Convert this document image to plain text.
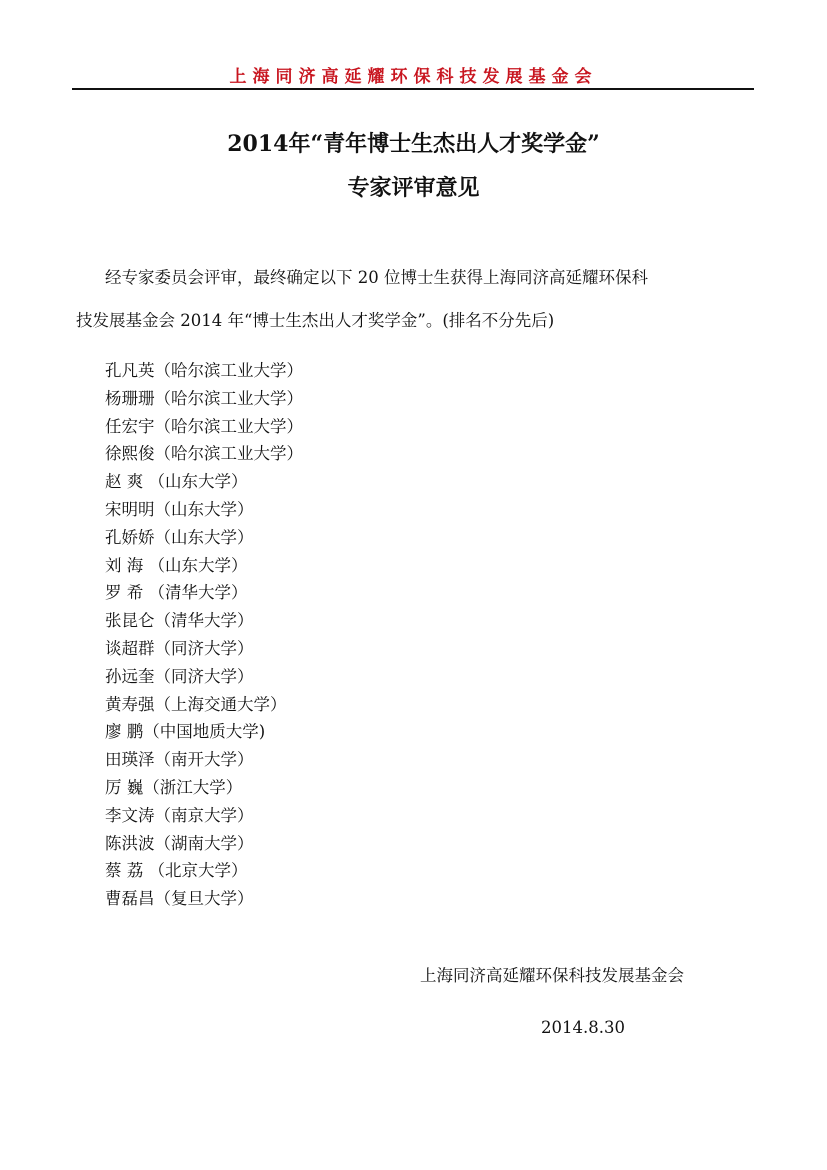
上海同济高延耀环保科技发展基金会
2014年“青年博士生杰出人才奖学金”
专家评审意见
经专家委员会评审，最终确定以下 20 位博士生获得上海同济高延耀环保科
技发展基金会 2014 年“博士生杰出人才奖学金”。(排名不分先后)
孔凡英（哈尔滨工业大学）
杨珊珊（哈尔滨工业大学）
任宏宇（哈尔滨工业大学）
徐熙俊（哈尔滨工业大学）
赵 爽 （山东大学）
宋明明（山东大学）
孔娇娇（山东大学）
刘 海 （山东大学）
罗 希 （清华大学）
张昆仑（清华大学）
谈超群（同济大学）
孙远奎（同济大学）
黄寿强（上海交通大学）
廖 鹏（中国地质大学)
田瑛泽（南开大学）
厉 巍（浙江大学）
李文涛（南京大学）
陈洪波（湖南大学）
蔡 荔 （北京大学）
曹磊昌（复旦大学）
上海同济高延耀环保科技发展基金会
2014.8.30
